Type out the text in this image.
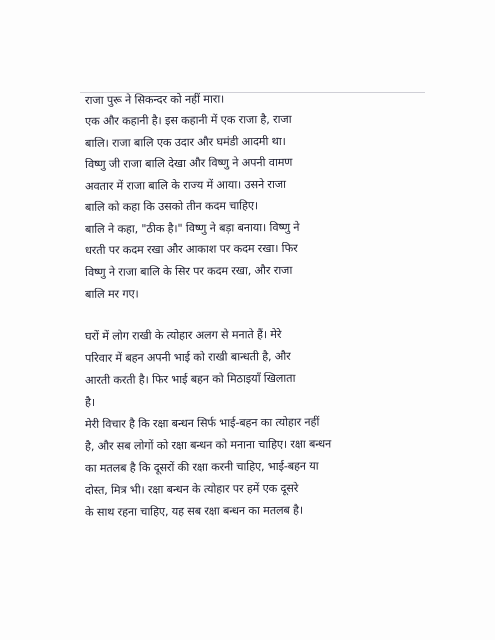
राजा पुरू ने सिकन्दर को नहीं मारा।
एक और कहानी है। इस कहानी में एक राजा है, राजा
बालि। राजा बालि एक उदार और घमंडी आदमी था।
विष्णु जी राजा बालि देखा और विष्णु ने अपनी वामण
अवतार में राजा बालि के राज्य में आया। उसने राजा
बालि को कहा कि उसको तीन कदम चाहिए।
बालि ने कहा, "ठीक है।" विष्णु ने बड़ा बनाया। विष्णु ने
धरती पर कदम रखा और आकाश पर कदम रखा। फिर
विष्णु ने राजा बालि के सिर पर कदम रखा, और राजा
बालि मर गए।
घरों में लोग राखी के त्योहार अलग से मनाते हैं। मेरे
परिवार में बहन अपनी भाई को राखी बान्धती है, और
आरती करती है। फिर भाई बहन को मिठाइयाँ खिलाता
है।
मेरी विचार है कि रक्षा बन्धन सिर्फ भाई-बहन का त्योहार नहीं
है, और सब लोगों को रक्षा बन्धन को मनाना चाहिए। रक्षा बन्धन
का मतलब है कि दूसरों की रक्षा करनी चाहिए, भाई-बहन या
दोस्त, मित्र भी। रक्षा बन्धन के त्योहार पर हमें एक दूसरे
के साथ रहना चाहिए, यह सब रक्षा बन्धन का मतलब है।
